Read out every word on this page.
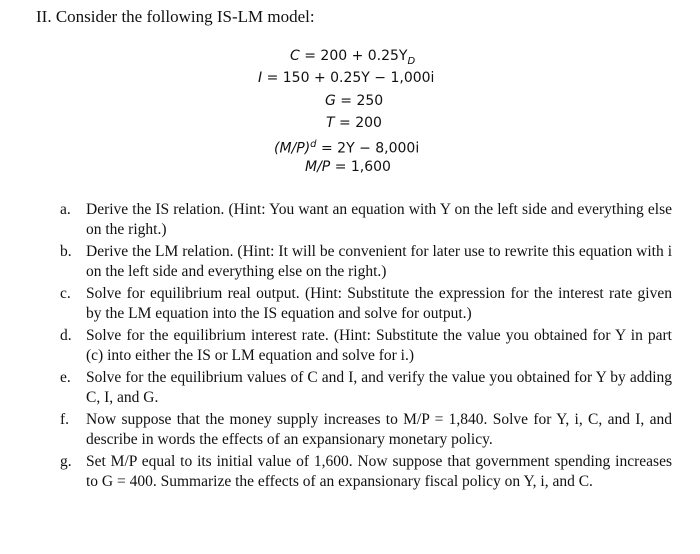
II. Consider the following IS-LM model:
$C = 200 + 0.25Y_D$
I = 150 + 0.25Y − 1,000i
G = 250
T = 200
$(M/P)^d = 2Y - 8,000i$
M/P = 1,600
a. Derive the IS relation. (Hint: You want an equation with Y on the left side and everything else on the right.)
b. Derive the LM relation. (Hint: It will be convenient for later use to rewrite this equation with i on the left side and everything else on the right.)
c. Solve for equilibrium real output. (Hint: Substitute the expression for the interest rate given by the LM equation into the IS equation and solve for output.)
d. Solve for the equilibrium interest rate. (Hint: Substitute the value you obtained for Y in part (c) into either the IS or LM equation and solve for i.)
e. Solve for the equilibrium values of C and I, and verify the value you obtained for Y by adding C, I, and G.
f. Now suppose that the money supply increases to M/P = 1,840. Solve for Y, i, C, and I, and describe in words the effects of an expansionary monetary policy.
g. Set M/P equal to its initial value of 1,600. Now suppose that government spending increases to G = 400. Summarize the effects of an expansionary fiscal policy on Y, i, and C.
